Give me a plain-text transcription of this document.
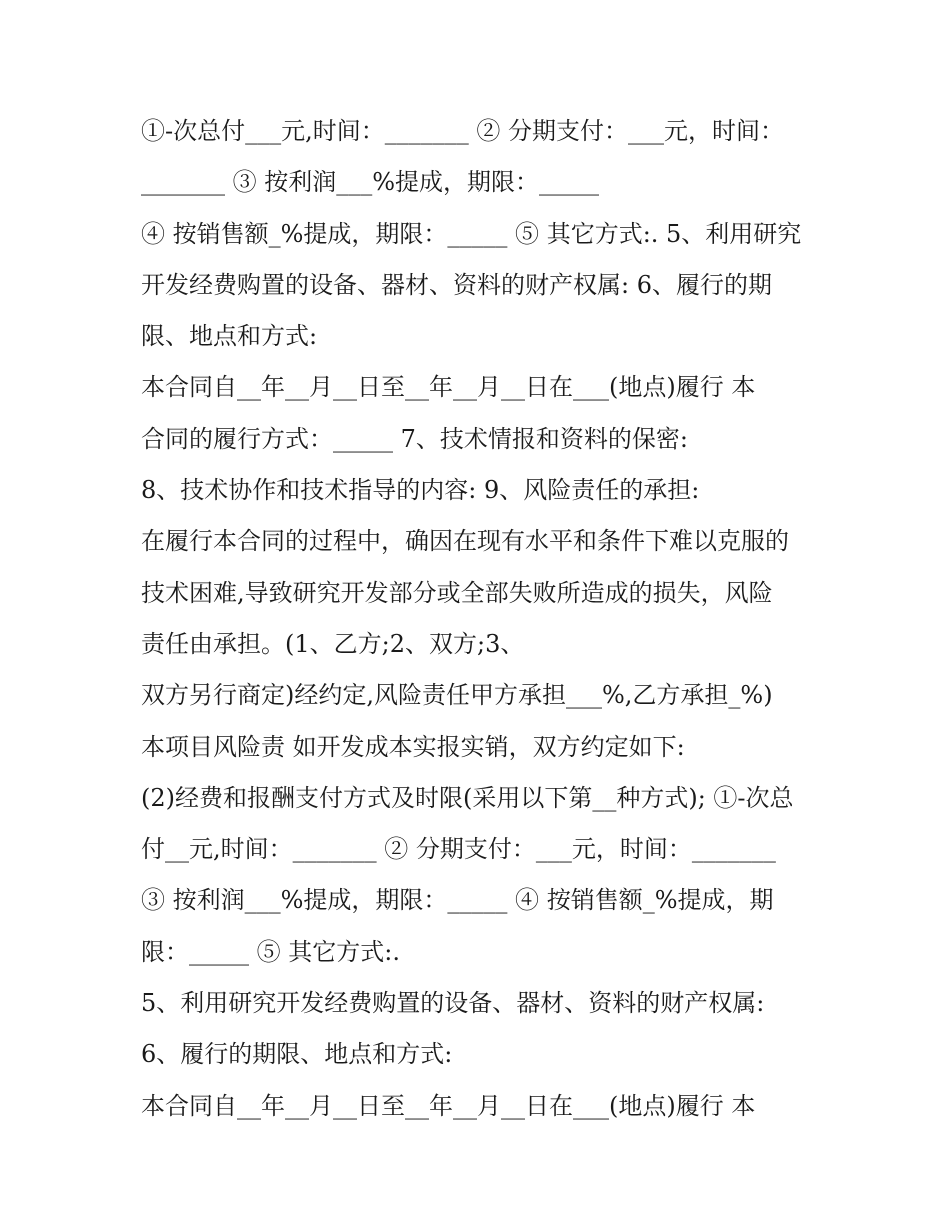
①-次总付___元,时间：_______ ② 分期支付：___元，时间：
_______ ③ 按利润___%提成，期限：_____
④ 按销售额_%提成，期限：_____ ⑤ 其它方式:. 5、利用研究
开发经费购置的设备、器材、资料的财产权属: 6、履行的期
限、地点和方式:
本合同自__年__月__日至__年__月__日在___(地点)履行 本
合同的履行方式：_____ 7、技术情报和资料的保密:
8、技术协作和技术指导的内容: 9、风险责任的承担:
在履行本合同的过程中，确因在现有水平和条件下难以克服的
技术困难,导致研究开发部分或全部失败所造成的损失，风险
责任由承担。(1、乙方;2、双方;3、
双方另行商定)经约定,风险责任甲方承担___%,乙方承担_%)
本项目风险责 如开发成本实报实销，双方约定如下:
(2)经费和报酬支付方式及时限(采用以下第__种方式); ①-次总
付__元,时间：_______ ② 分期支付：___元，时间：_______
③ 按利润___%提成，期限：_____ ④ 按销售额_%提成，期
限：_____ ⑤ 其它方式:.
5、利用研究开发经费购置的设备、器材、资料的财产权属:
6、履行的期限、地点和方式:
本合同自__年__月__日至__年__月__日在___(地点)履行 本
